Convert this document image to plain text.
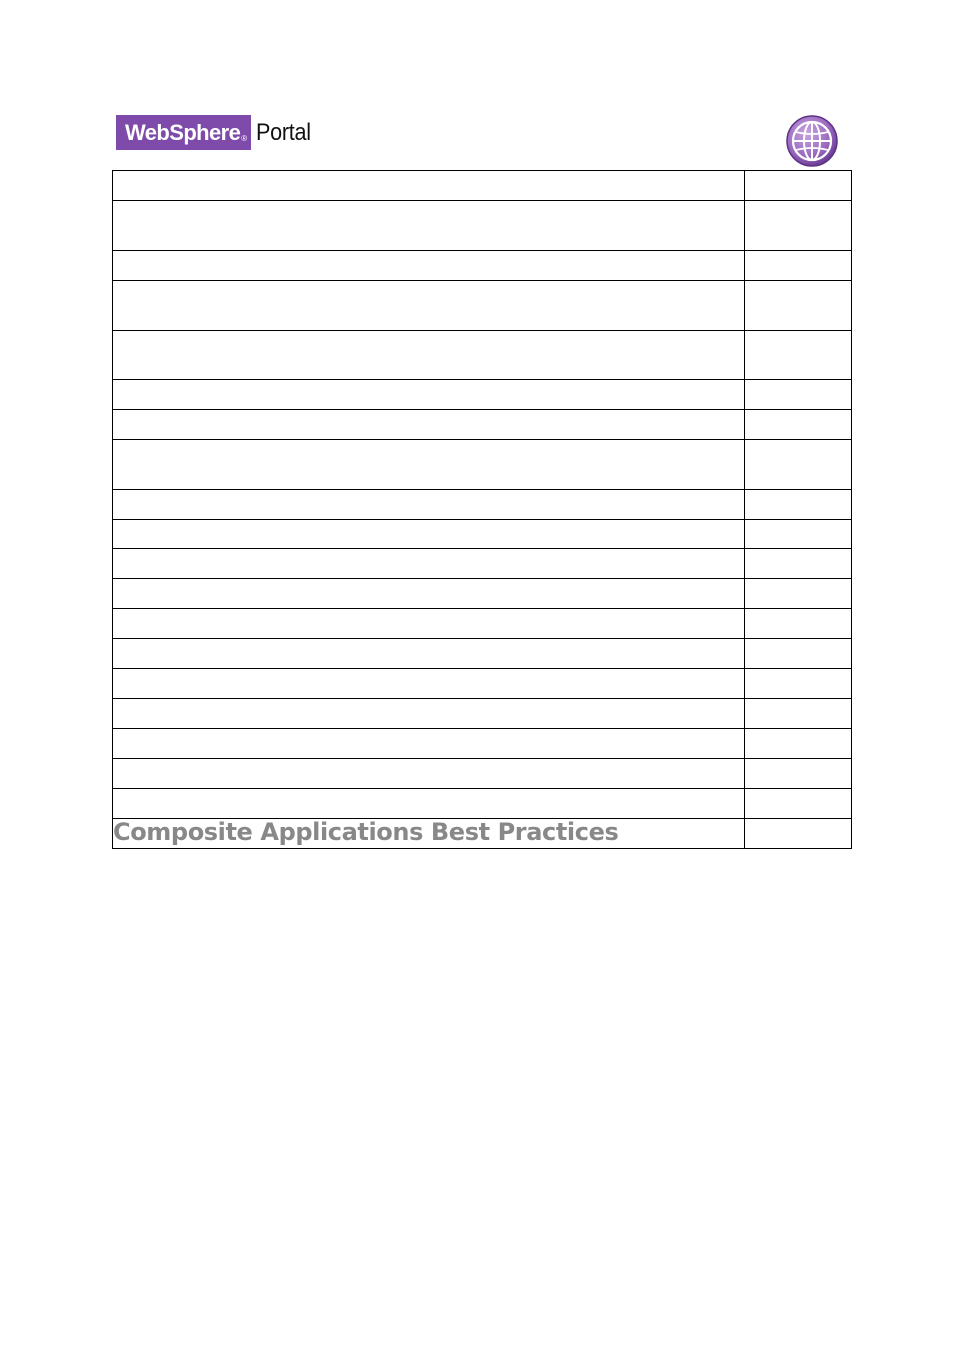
WebSphere ® Portal

Composite Applications Best Practices
